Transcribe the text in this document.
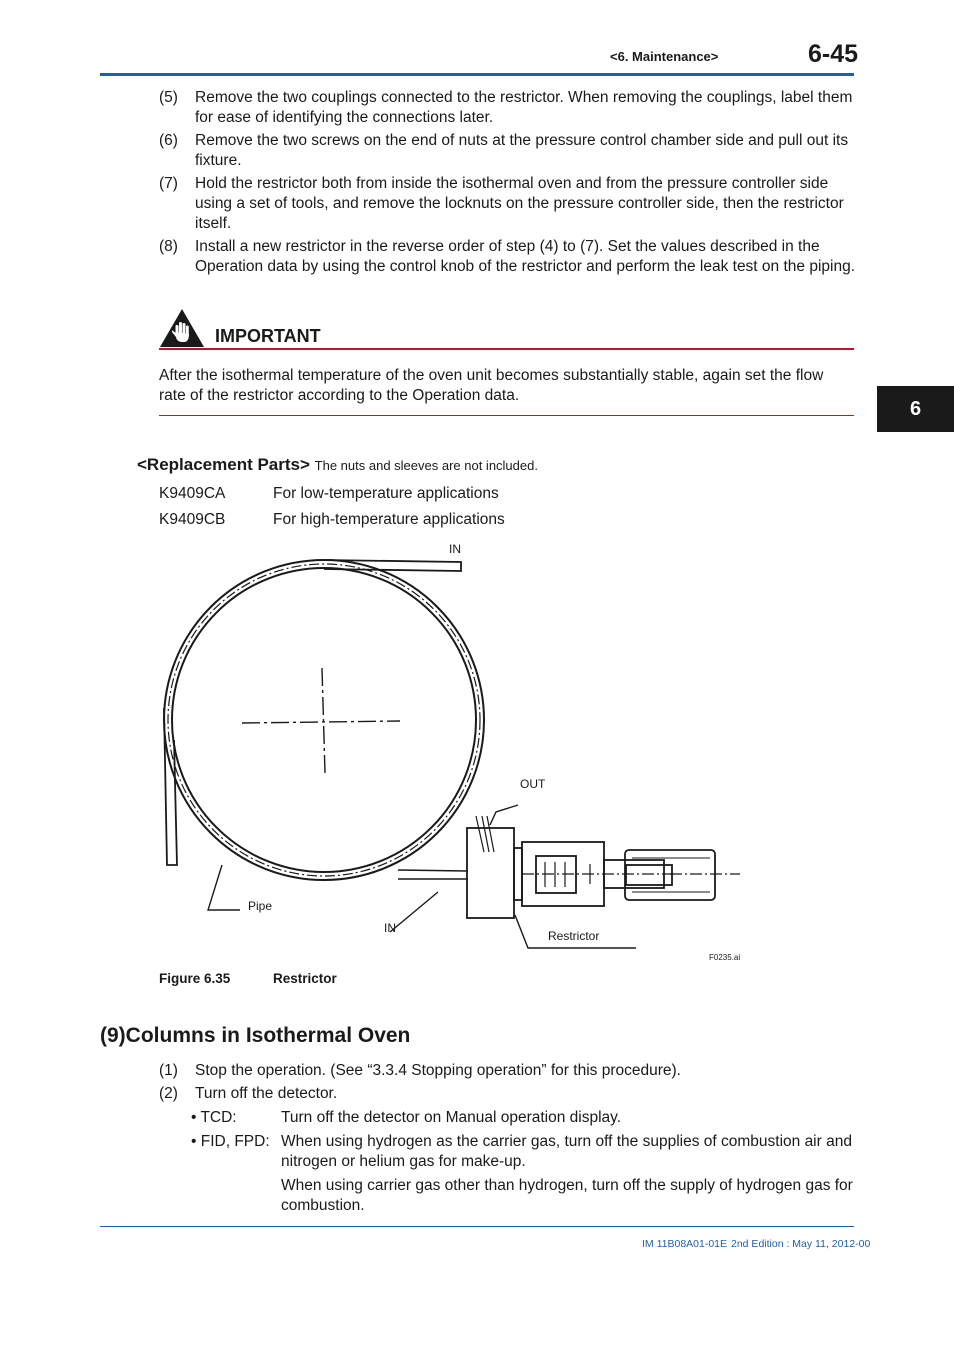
<6. Maintenance>	6-45
6
(5) Remove the two couplings connected to the restrictor. When removing the couplings, label them for ease of identifying the connections later.
(6) Remove the two screws on the end of nuts at the pressure control chamber side and pull out its fixture.
(7) Hold the restrictor both from inside the isothermal oven and from the pressure controller side using a set of tools, and remove the locknuts on the pressure controller side, then the restrictor itself.
(8) Install a new restrictor in the reverse order of step (4) to (7). Set the values described in the Operation data by using the control knob of the restrictor and perform the leak test on the piping.
IMPORTANT
After the isothermal temperature of the oven unit becomes substantially stable, again set the flow rate of the restrictor according to the Operation data.
<Replacement Parts> The nuts and sleeves are not included.
K9409CA	For low-temperature applications
K9409CB	For high-temperature applications
IN
OUT
Pipe
IN
Restrictor
F0235.ai
Figure 6.35	Restrictor
(9)Columns in Isothermal Oven
(1) Stop the operation. (See “3.3.4 Stopping operation” for this procedure).
(2) Turn off the detector.
• TCD:	Turn off the detector on Manual operation display.
• FID, FPD: When using hydrogen as the carrier gas, turn off the supplies of combustion air and nitrogen or helium gas for make-up.
When using carrier gas other than hydrogen, turn off the supply of hydrogen gas for combustion.
IM 11B08A01-01E 2nd Edition : May 11, 2012-00
